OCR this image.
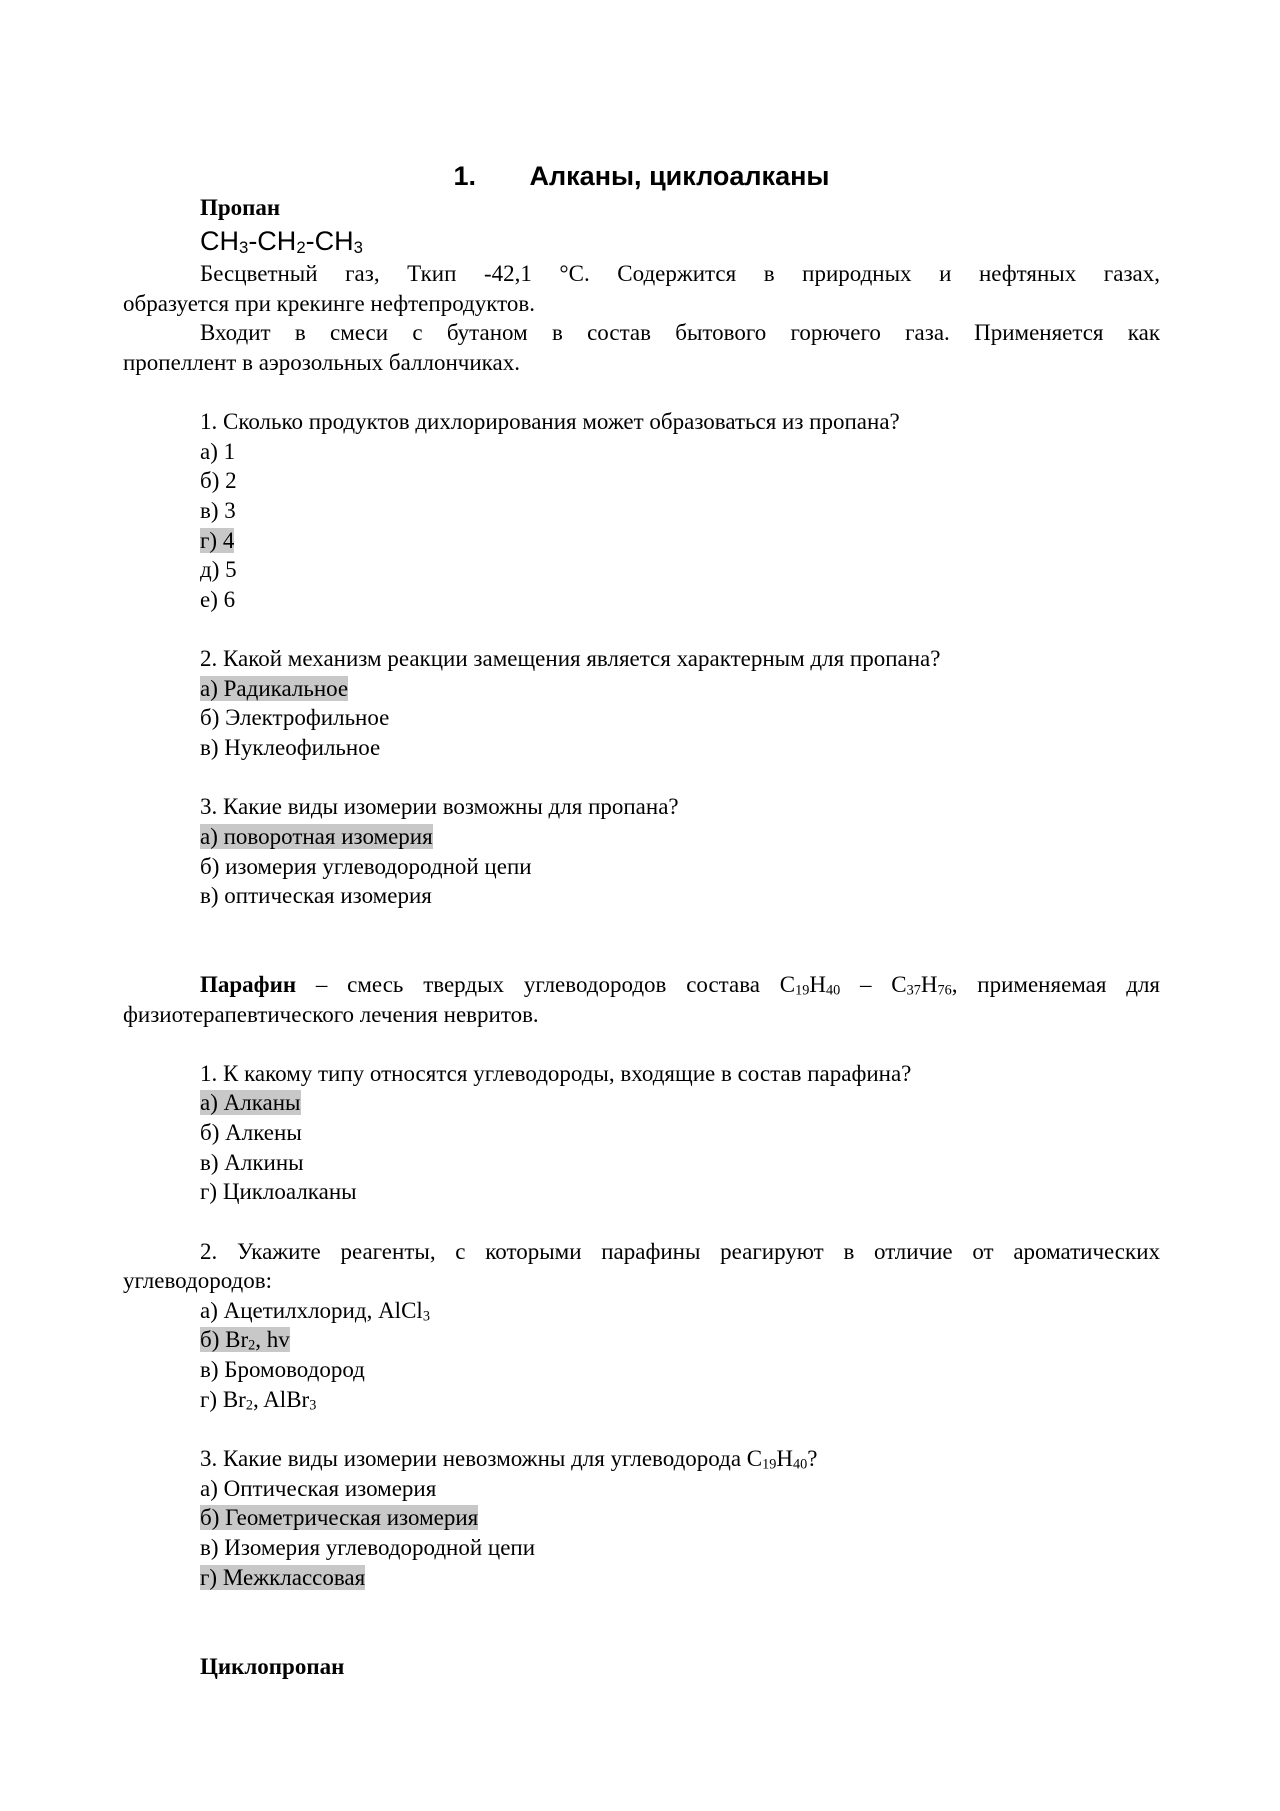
1. Алканы, циклоалканы
Пропан
$CH_3-CH_2-CH_3$
Бесцветный газ, Ткип -42,1 °С. Содержится в природных и нефтяных газах,
образуется при крекинге нефтепродуктов.
Входит в смеси с бутаном в состав бытового горючего газа. Применяется как
пропеллент в аэрозольных баллончиках.
1. Сколько продуктов дихлорирования может образоваться из пропана?
а) 1
б) 2
в) 3
г) 4
д) 5
е) 6
2. Какой механизм реакции замещения является характерным для пропана?
а) Радикальное
б) Электрофильное
в) Нуклеофильное
3. Какие виды изомерии возможны для пропана?
а) поворотная изомерия
б) изомерия углеводородной цепи
в) оптическая изомерия
Парафин – смесь твердых углеводородов состава $C_{19}H_{40} - C_{37}H_{76}$, применяемая для
физиотерапевтического лечения невритов.
1. К какому типу относятся углеводороды, входящие в состав парафина?
а) Алканы
б) Алкены
в) Алкины
г) Циклоалканы
2. Укажите реагенты, с которыми парафины реагируют в отличие от ароматических
углеводородов:
а) Ацетилхлорид, AlCl$_3$
б) $Br_2$, hv
в) Бромоводород
г) $Br_2$, AlBr$_3$
3. Какие виды изомерии невозможны для углеводорода $C_{19}H_{40}$?
а) Оптическая изомерия
б) Геометрическая изомерия
в) Изомерия углеводородной цепи
г) Межклассовая
Циклопропан
